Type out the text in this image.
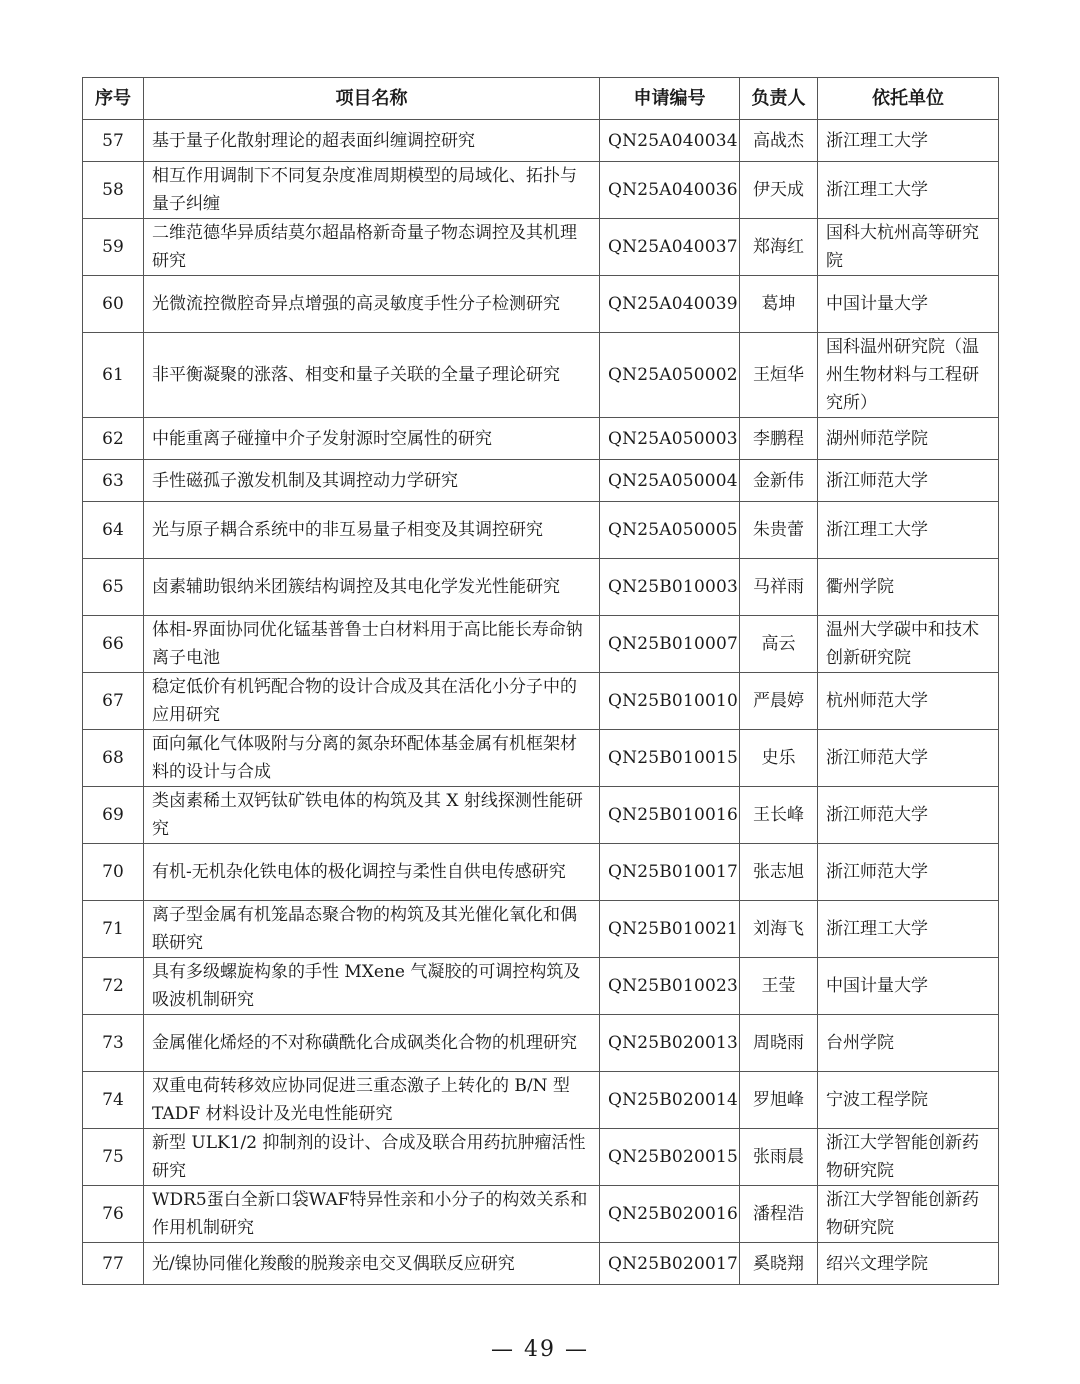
序号	项目名称	申请编号	负责人	依托单位
57	基于量子化散射理论的超表面纠缠调控研究	QN25A040034	高战杰	浙江理工大学
58	相互作用调制下不同复杂度准周期模型的局域化、拓扑与量子纠缠	QN25A040036	伊天成	浙江理工大学
59	二维范德华异质结莫尔超晶格新奇量子物态调控及其机理研究	QN25A040037	郑海红	国科大杭州高等研究院
60	光微流控微腔奇异点增强的高灵敏度手性分子检测研究	QN25A040039	葛坤	中国计量大学
61	非平衡凝聚的涨落、相变和量子关联的全量子理论研究	QN25A050002	王烜华	国科温州研究院（温州生物材料与工程研究所）
62	中能重离子碰撞中介子发射源时空属性的研究	QN25A050003	李鹏程	湖州师范学院
63	手性磁孤子激发机制及其调控动力学研究	QN25A050004	金新伟	浙江师范大学
64	光与原子耦合系统中的非互易量子相变及其调控研究	QN25A050005	朱贵蕾	浙江理工大学
65	卤素辅助银纳米团簇结构调控及其电化学发光性能研究	QN25B010003	马祥雨	衢州学院
66	体相-界面协同优化锰基普鲁士白材料用于高比能长寿命钠离子电池	QN25B010007	高云	温州大学碳中和技术创新研究院
67	稳定低价有机钙配合物的设计合成及其在活化小分子中的应用研究	QN25B010010	严晨婷	杭州师范大学
68	面向氟化气体吸附与分离的氮杂环配体基金属有机框架材料的设计与合成	QN25B010015	史乐	浙江师范大学
69	类卤素稀土双钙钛矿铁电体的构筑及其 X 射线探测性能研究	QN25B010016	王长峰	浙江师范大学
70	有机-无机杂化铁电体的极化调控与柔性自供电传感研究	QN25B010017	张志旭	浙江师范大学
71	离子型金属有机笼晶态聚合物的构筑及其光催化氧化和偶联研究	QN25B010021	刘海飞	浙江理工大学
72	具有多级螺旋构象的手性 MXene 气凝胶的可调控构筑及吸波机制研究	QN25B010023	王莹	中国计量大学
73	金属催化烯烃的不对称磺酰化合成砜类化合物的机理研究	QN25B020013	周晓雨	台州学院
74	双重电荷转移效应协同促进三重态激子上转化的 B/N 型 TADF 材料设计及光电性能研究	QN25B020014	罗旭峰	宁波工程学院
75	新型 ULK1/2 抑制剂的设计、合成及联合用药抗肿瘤活性研究	QN25B020015	张雨晨	浙江大学智能创新药物研究院
76	WDR5蛋白全新口袋WAF特异性亲和小分子的构效关系和作用机制研究	QN25B020016	潘程浩	浙江大学智能创新药物研究院
77	光/镍协同催化羧酸的脱羧亲电交叉偶联反应研究	QN25B020017	奚晓翔	绍兴文理学院
— 49 —
